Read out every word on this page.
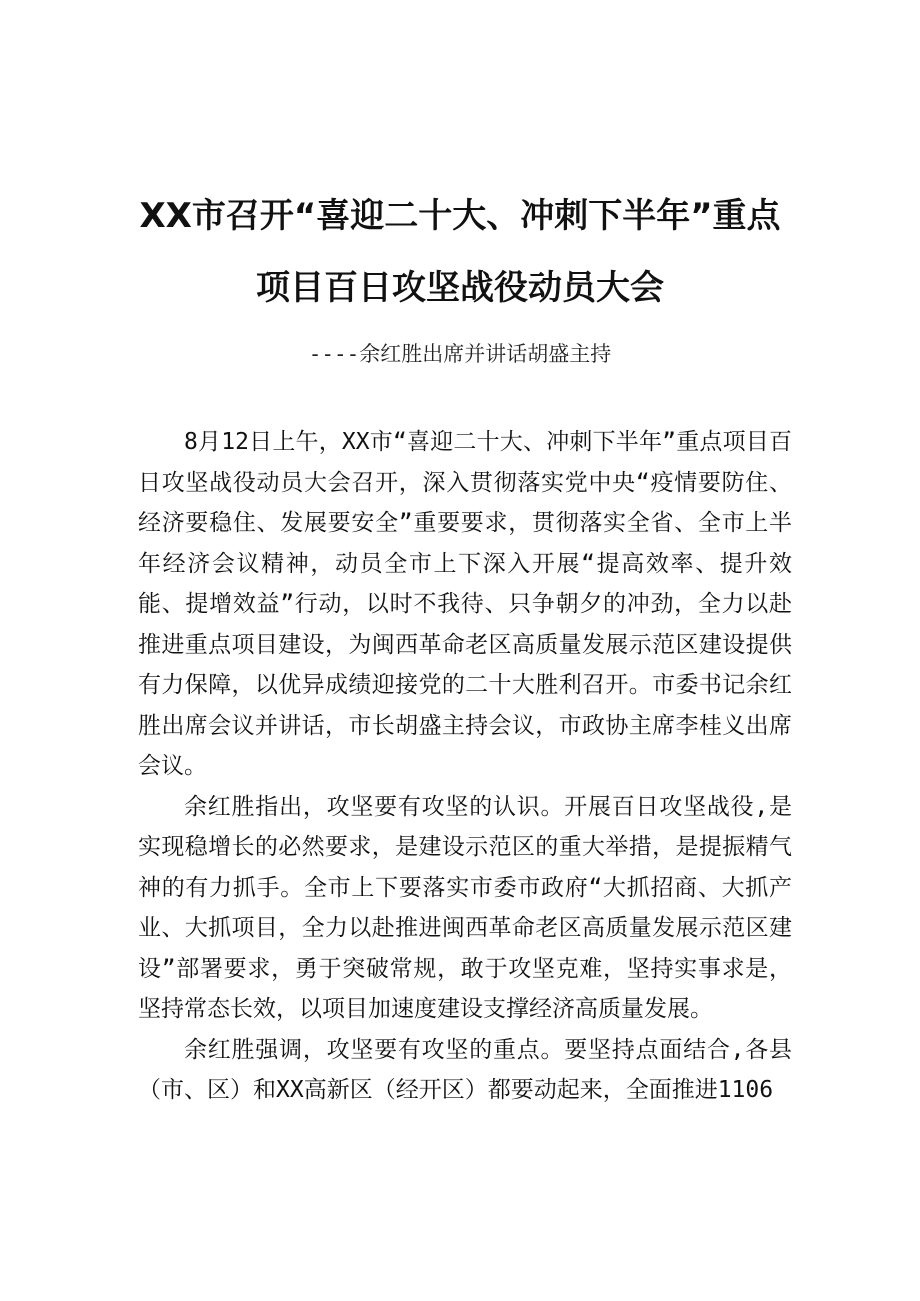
XX市召开“喜迎二十大、冲刺下半年”重点
项目百日攻坚战役动员大会
----余红胜出席并讲话胡盛主持

8月12日上午，XX市“喜迎二十大、冲刺下半年”重点项目百日攻坚战役动员大会召开，深入贯彻落实党中央“疫情要防住、经济要稳住、发展要安全”重要要求，贯彻落实全省、全市上半年经济会议精神，动员全市上下深入开展“提高效率、提升效能、提增效益”行动，以时不我待、只争朝夕的冲劲，全力以赴推进重点项目建设，为闽西革命老区高质量发展示范区建设提供有力保障，以优异成绩迎接党的二十大胜利召开。市委书记余红胜出席会议并讲话，市长胡盛主持会议，市政协主席李桂义出席会议。

余红胜指出，攻坚要有攻坚的认识。开展百日攻坚战役,是实现稳增长的必然要求，是建设示范区的重大举措，是提振精气神的有力抓手。全市上下要落实市委市政府“大抓招商、大抓产业、大抓项目，全力以赴推进闽西革命老区高质量发展示范区建设”部署要求，勇于突破常规，敢于攻坚克难，坚持实事求是，坚持常态长效，以项目加速度建设支撑经济高质量发展。

余红胜强调，攻坚要有攻坚的重点。要坚持点面结合,各县（市、区）和XX高新区（经开区）都要动起来，全面推进1106
